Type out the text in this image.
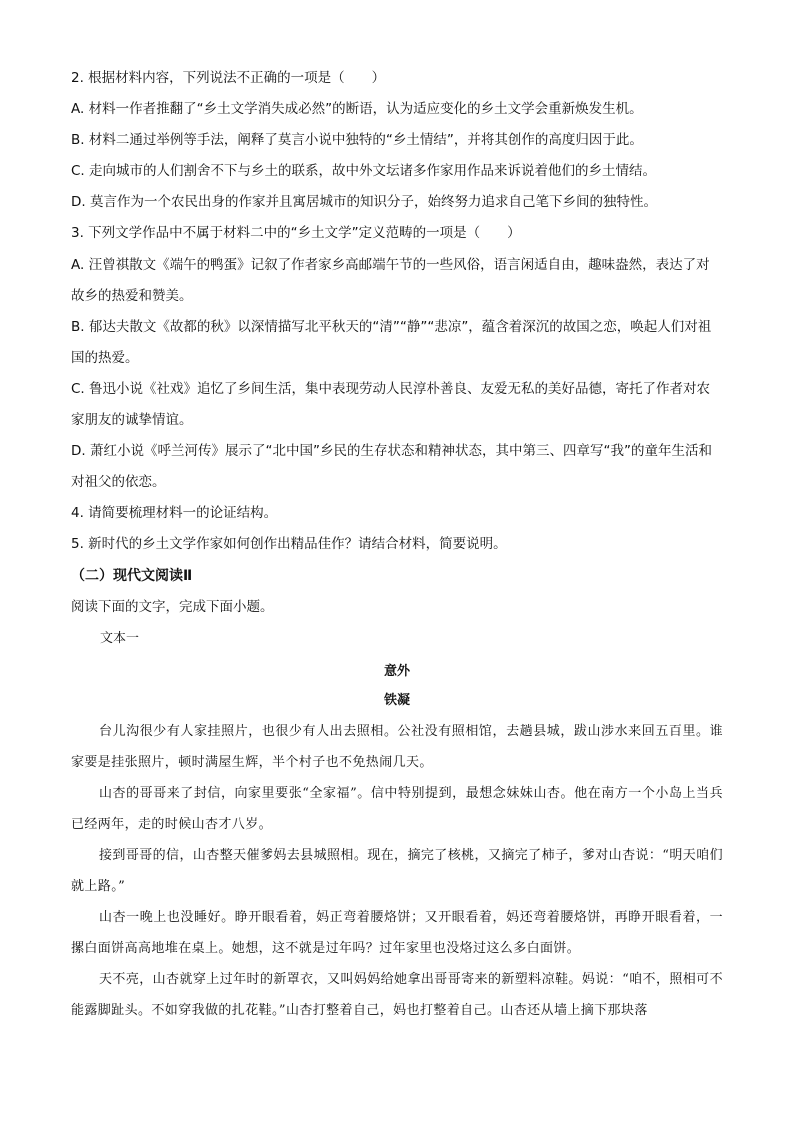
2. 根据材料内容，下列说法不正确的一项是（　　）
A. 材料一作者推翻了“乡土文学消失成必然”的断语，认为适应变化的乡土文学会重新焕发生机。
B. 材料二通过举例等手法，阐释了莫言小说中独特的“乡土情结”，并将其创作的高度归因于此。
C. 走向城市的人们割舍不下与乡土的联系，故中外文坛诸多作家用作品来诉说着他们的乡土情结。
D. 莫言作为一个农民出身的作家并且寓居城市的知识分子，始终努力追求自己笔下乡间的独特性。
3. 下列文学作品中不属于材料二中的“乡土文学”定义范畴的一项是（　　）
A. 汪曾祺散文《端午的鸭蛋》记叙了作者家乡高邮端午节的一些风俗，语言闲适自由，趣味盎然，表达了对故乡的热爱和赞美。
B. 郁达夫散文《故都的秋》以深情描写北平秋天的“清”“静”“悲凉”，蕴含着深沉的故国之恋，唤起人们对祖国的热爱。
C. 鲁迅小说《社戏》追忆了乡间生活，集中表现劳动人民淳朴善良、友爱无私的美好品德，寄托了作者对农家朋友的诚挚情谊。
D. 萧红小说《呼兰河传》展示了“北中国”乡民的生存状态和精神状态，其中第三、四章写“我”的童年生活和对祖父的依恋。
4. 请简要梳理材料一的论证结构。
5. 新时代的乡土文学作家如何创作出精品佳作？请结合材料，简要说明。
（二）现代文阅读Ⅱ
阅读下面的文字，完成下面小题。
文本一
意外
铁凝
台儿沟很少有人家挂照片，也很少有人出去照相。公社没有照相馆，去趟县城，跋山涉水来回五百里。谁家要是挂张照片，顿时满屋生辉，半个村子也不免热闹几天。
山杏的哥哥来了封信，向家里要张“全家福”。信中特别提到，最想念妹妹山杏。他在南方一个小岛上当兵已经两年，走的时候山杏才八岁。
接到哥哥的信，山杏整天催爹妈去县城照相。现在，摘完了核桃，又摘完了柿子，爹对山杏说：“明天咱们就上路。”
山杏一晚上也没睡好。睁开眼看着，妈正弯着腰烙饼；又开眼看着，妈还弯着腰烙饼，再睁开眼看着，一摞白面饼高高地堆在桌上。她想，这不就是过年吗？过年家里也没烙过这么多白面饼。
天不亮，山杏就穿上过年时的新罩衣，又叫妈妈给她拿出哥哥寄来的新塑料凉鞋。妈说：“咱不，照相可不能露脚趾头。不如穿我做的扎花鞋。”山杏打整着自己，妈也打整着自己。山杏还从墙上摘下那块落
